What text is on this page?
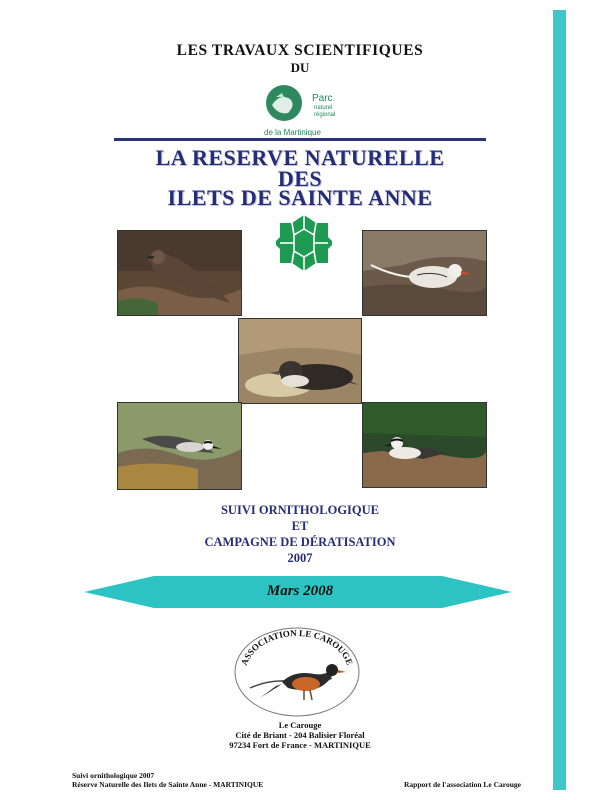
LES TRAVAUX SCIENTIFIQUES
DU
Parc
naturel
régional
de la Martinique
LA RESERVE NATURELLE
DES
ILETS DE SAINTE ANNE
SUIVI ORNITHOLOGIQUE
ET
CAMPAGNE DE DÉRATISATION
2007
Mars 2008
ASSOCIATION LE CAROUGE
Le Carouge
Cité de Briant - 204 Balisier Floréal
97234 Fort de France - MARTINIQUE
Suivi ornithologique 2007
Réserve Naturelle des Ilets de Sainte Anne - MARTINIQUE	Rapport de l'association Le Carouge
